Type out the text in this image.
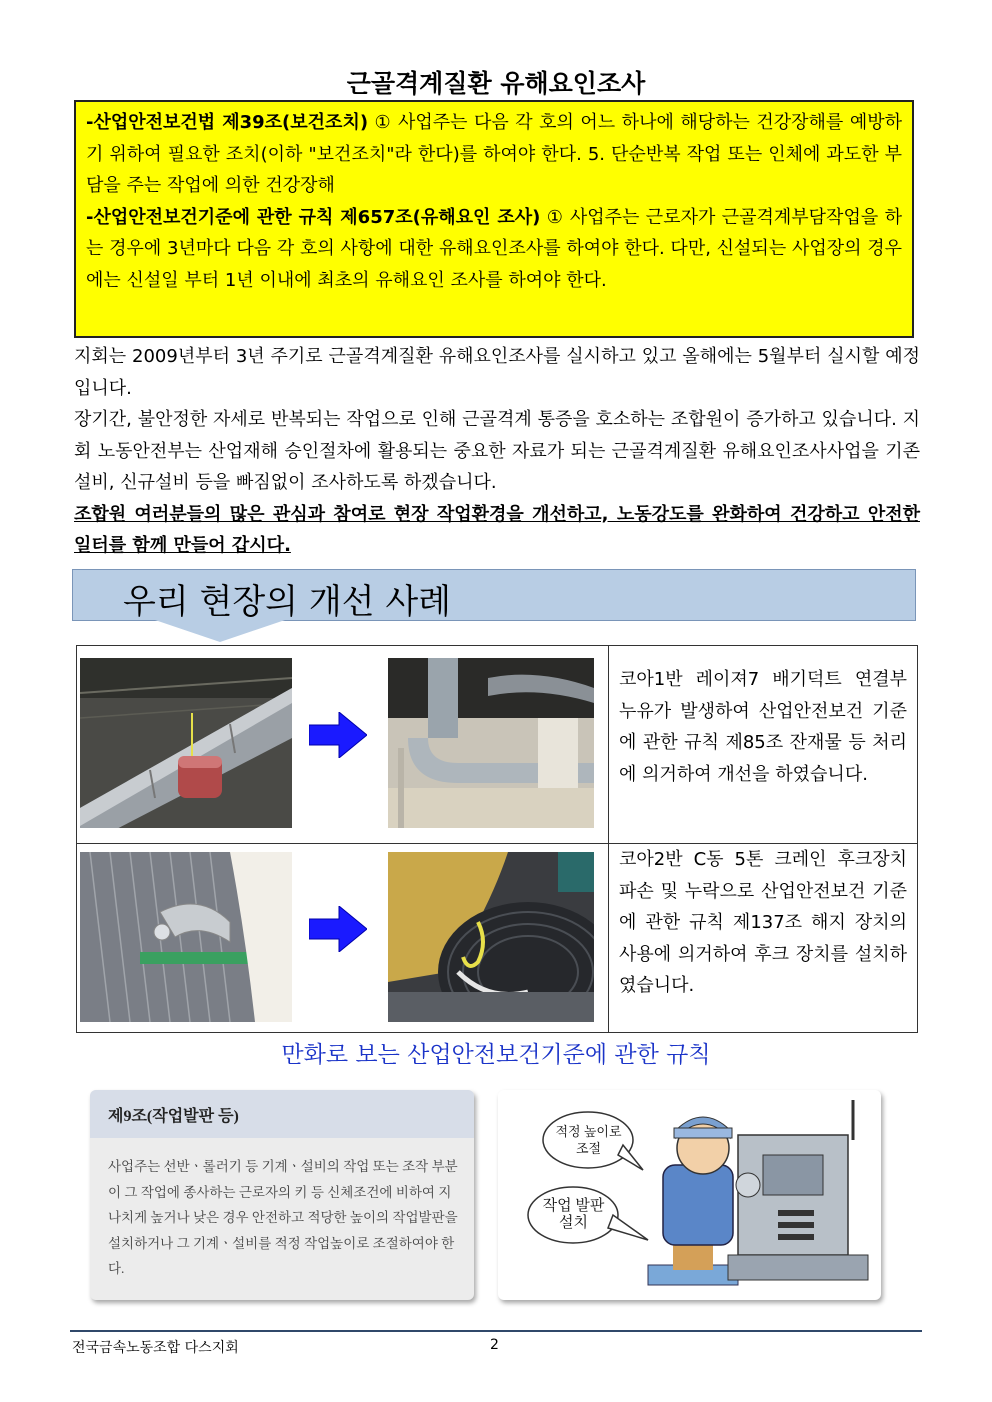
근골격계질환 유해요인조사
-산업안전보건법 제39조(보건조치) ① 사업주는 다음 각 호의 어느 하나에 해당하는 건강장해를 예방하기 위하여 필요한 조치(이하 "보건조치"라 한다)를 하여야 한다. 5. 단순반복 작업 또는 인체에 과도한 부담을 주는 작업에 의한 건강장해
-산업안전보건기준에 관한 규칙 제657조(유해요인 조사) ① 사업주는 근로자가 근골격계부담작업을 하는 경우에 3년마다 다음 각 호의 사항에 대한 유해요인조사를 하여야 한다. 다만, 신설되는 사업장의 경우에는 신설일 부터 1년 이내에 최초의 유해요인 조사를 하여야 한다.

지회는 2009년부터 3년 주기로 근골격계질환 유해요인조사를 실시하고 있고 올해에는 5월부터 실시할 예정입니다.

장기간, 불안정한 자세로 반복되는 작업으로 인해 근골격계 통증을 호소하는 조합원이 증가하고 있습니다. 지회 노동안전부는 산업재해 승인절차에 활용되는 중요한 자료가 되는 근골격계질환 유해요인조사사업을 기존설비, 신규설비 등을 빠짐없이 조사하도록 하겠습니다.

조합원 여러분들의 많은 관심과 참여로 현장 작업환경을 개선하고, 노동강도를 완화하여 건강하고 안전한 일터를 함께 만들어 갑시다.

우리 현장의 개선 사례
코아1반 레이져7 배기덕트 연결부 누유가 발생하여 산업안전보건 기준에 관한 규칙 제85조 잔재물 등 처리에 의거하여 개선을 하였습니다.
코아2반 C동 5톤 크레인 후크장치 파손 및 누락으로 산업안전보건 기준에 관한 규칙 제137조 해지 장치의 사용에 의거하여 후크 장치를 설치하였습니다.
만화로 보는 산업안전보건기준에 관한 규칙
제9조(작업발판 등)
사업주는 선반ㆍ롤러기 등 기계ㆍ설비의 작업 또는 조작 부분이 그 작업에 종사하는 근로자의 키 등 신체조건에 비하여 지나치게 높거나 낮은 경우 안전하고 적당한 높이의 작업발판을 설치하거나 그 기계ㆍ설비를 적정 작업높이로 조절하여야 한다.
적정 높이로 조절
작업 발판 설치
전국금속노동조합 다스지회	2
